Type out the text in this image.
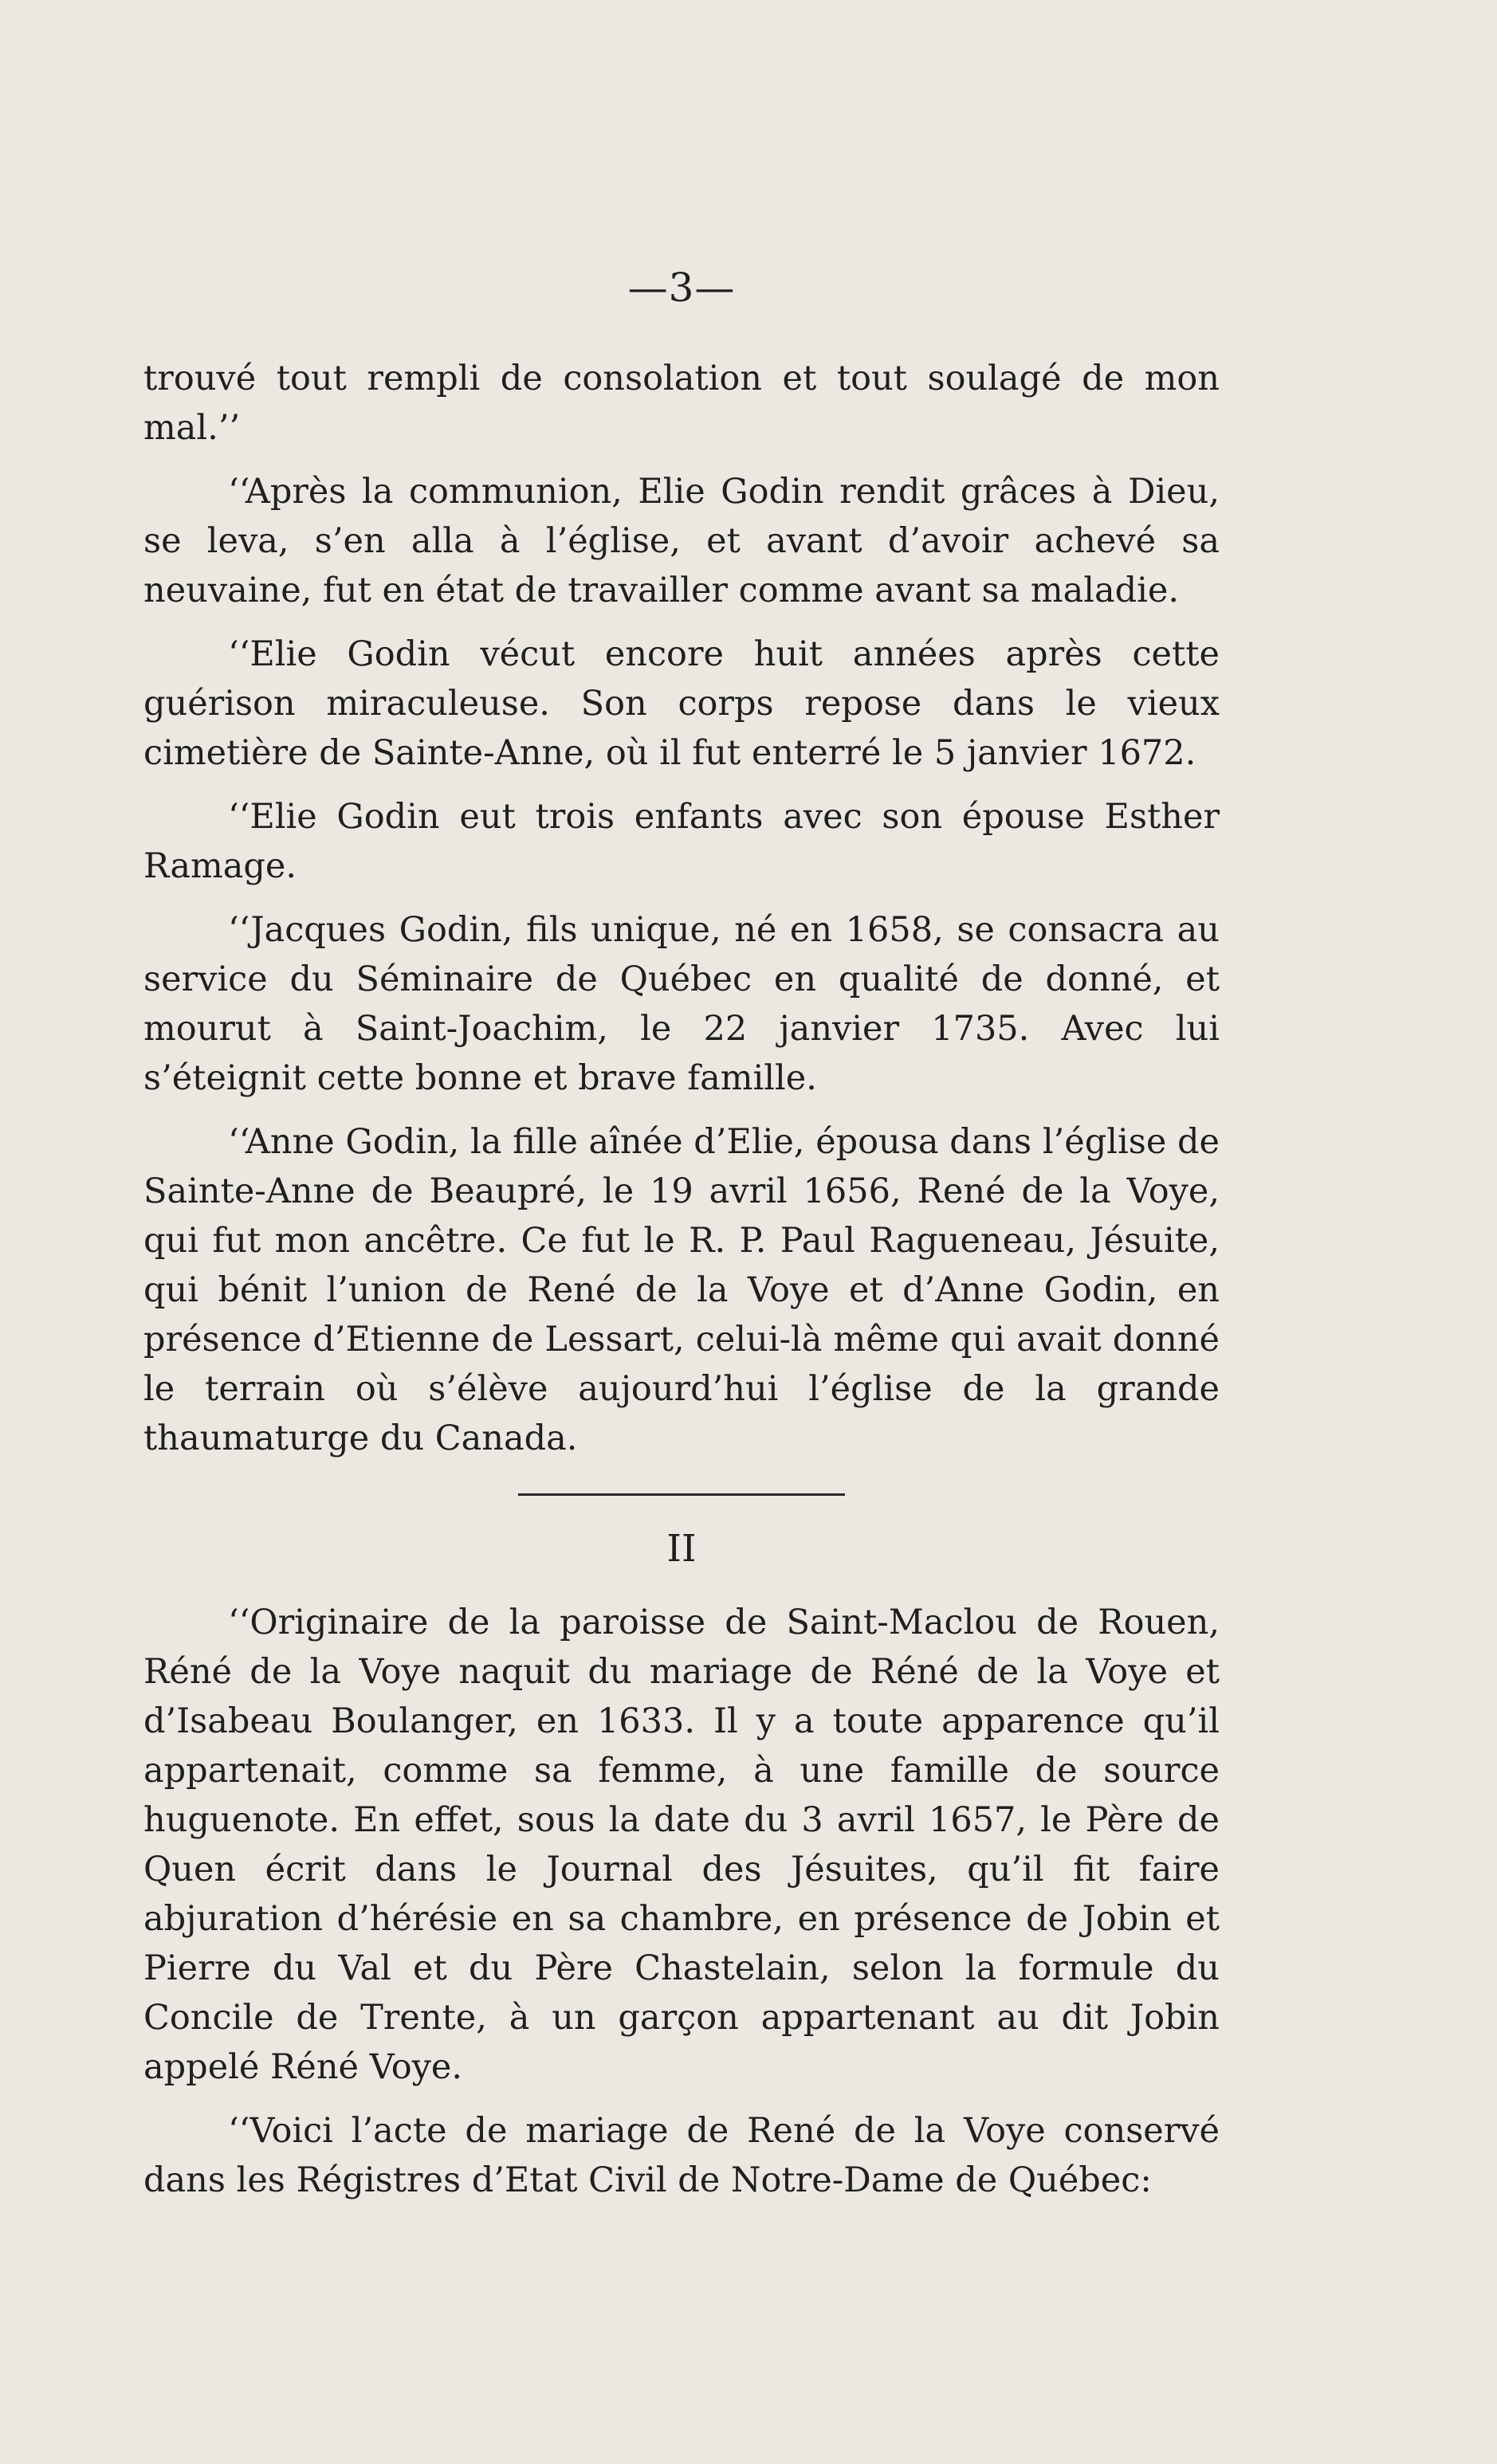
—3—

trouvé tout rempli de consolation et tout soulagé de mon mal.’’

‘‘Après la communion, Elie Godin rendit grâces à Dieu, se leva, s’en alla à l’église, et avant d’avoir achevé sa neuvaine, fut en état de travailler comme avant sa maladie.

‘‘Elie Godin vécut encore huit années après cette guérison miraculeuse. Son corps repose dans le vieux cimetière de Sainte-Anne, où il fut enterré le 5 janvier 1672.

‘‘Elie Godin eut trois enfants avec son épouse Esther Ramage.

‘‘Jacques Godin, fils unique, né en 1658, se consacra au service du Séminaire de Québec en qualité de donné, et mourut à Saint-Joachim, le 22 janvier 1735. Avec lui s’éteignit cette bonne et brave famille.

‘‘Anne Godin, la fille aînée d’Elie, épousa dans l’église de Sainte-Anne de Beaupré, le 19 avril 1656, René de la Voye, qui fut mon ancêtre. Ce fut le R. P. Paul Ragueneau, Jésuite, qui bénit l’union de René de la Voye et d’Anne Godin, en présence d’Etienne de Lessart, celui-là même qui avait donné le terrain où s’élève aujourd’hui l’église de la grande thaumaturge du Canada.

II

‘‘Originaire de la paroisse de Saint-Maclou de Rouen, Réné de la Voye naquit du mariage de Réné de la Voye et d’Isabeau Boulanger, en 1633. Il y a toute apparence qu’il appartenait, comme sa femme, à une famille de source huguenote. En effet, sous la date du 3 avril 1657, le Père de Quen écrit dans le Journal des Jésuites, qu’il fit faire abjuration d’hérésie en sa chambre, en présence de Jobin et Pierre du Val et du Père Chastelain, selon la formule du Concile de Trente, à un garçon appartenant au dit Jobin appelé Réné Voye.

‘‘Voici l’acte de mariage de René de la Voye conservé dans les Régistres d’Etat Civil de Notre-Dame de Québec:
